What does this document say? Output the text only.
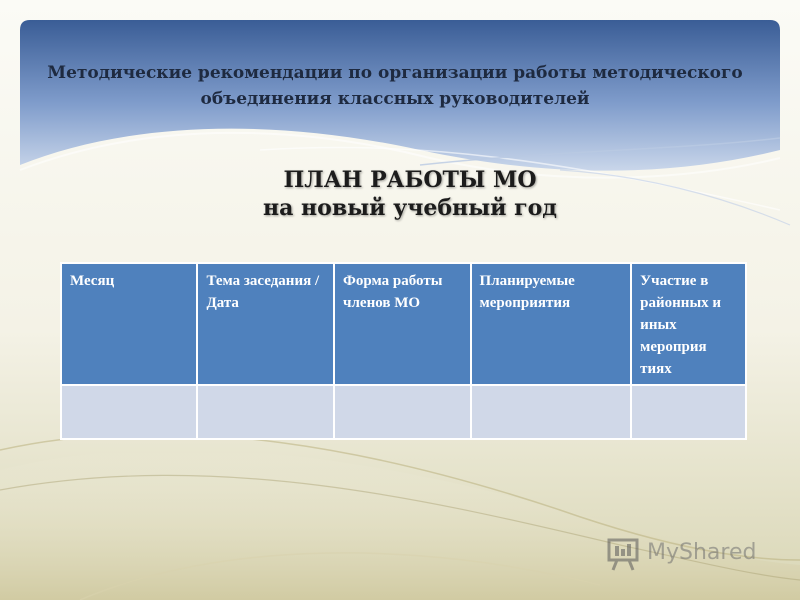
Методические рекомендации по организации работы методического
объединения классных руководителей
ПЛАН РАБОТЫ МО
на новый учебный год
Месяц	Тема заседания / Дата	Форма работы членов МО	Планируемые мероприятия	Участие в районных и иных мероприя тиях

MyShared
